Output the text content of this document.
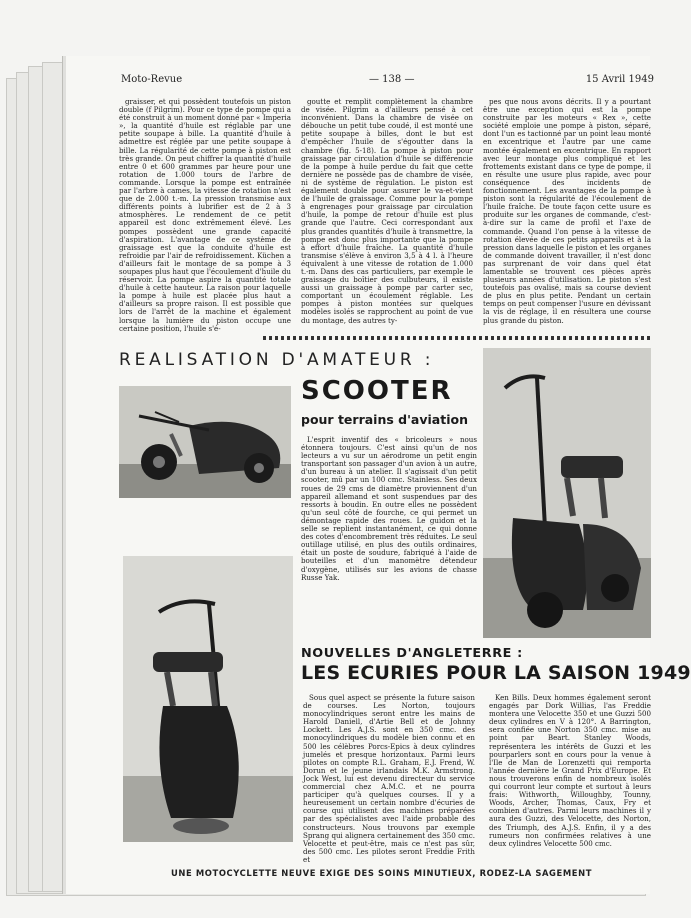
Moto-Revue	— 138 —	15 Avril 1949

graisser, et qui possèdent toutefois un piston double (f Pilgrim). Pour ce type de pompe qui a été construit à un moment donné par « Imperia », la quantité d'huile est réglable par une petite soupape à bille. La quantité d'huile à admettre est réglée par une petite soupape à bille. La régularité de cette pompe à piston est très grande. On peut chiffrer la quantité d'huile entre 0 et 600 grammes par heure pour une rotation de 1.000 tours de l'arbre de commande. Lorsque la pompe est entraînée par l'arbre à cames, la vitesse de rotation n'est que de 2.000 t.-m. La pression transmise aux différents points à lubrifier est de 2 à 3 atmosphères. Le rendement de ce petit appareil est donc extrêmement élevé. Les pompes possèdent une grande capacité d'aspiration. L'avantage de ce système de graissage est que la conduite d'huile est refroidie par l'air de refroidissement. Küchen a d'ailleurs fait le montage de sa pompe à 3 soupapes plus haut que l'écoulement d'huile du réservoir. La pompe aspire la quantité totale d'huile à cette hauteur. La raison pour laquelle la pompe à huile est placée plus haut a d'ailleurs sa propre raison. Il est possible que lors de l'arrêt de la machine et également lorsque la lumière du piston occupe une certaine position, l'huile s'é-

goutte et remplit complètement la chambre de visée. Pilgrim a d'ailleurs pensé à cet inconvénient. Dans la chambre de visée on débouche un petit tube coudé, il est monté une petite soupape à billes, dont le but est d'empêcher l'huile de s'égoutter dans la chambre (fig. 5-18). La pompe à piston pour graissage par circulation d'huile se différencie de la pompe à huile perdue du fait que cette dernière ne possède pas de chambre de visée, ni de système de régulation. Le piston est également double pour assurer le va-et-vient de l'huile de graissage. Comme pour la pompe à engrenages pour graissage par circulation d'huile, la pompe de retour d'huile est plus grande que l'autre. Ceci correspondant aux plus grandes quantités d'huile à transmettre, la pompe est donc plus importante que la pompe à effort d'huile fraîche. La quantité d'huile transmise s'élève à environ 3,5 à 4 l. à l'heure équivalent à une vitesse de rotation de 1.000 t.-m. Dans des cas particuliers, par exemple le graissage du boîtier des culbuteurs, il existe aussi un graissage à pompe par carter sec, comportant un écoulement réglable. Les pompes à piston montées sur quelques modèles isolés se rapprochent au point de vue du montage, des autres ty-

pes que nous avons décrits. Il y a pourtant être une exception qui est la pompe construite par les moteurs « Rex », cette société emploie une pompe à piston, séparé, dont l'un es tactionné par un point leau monté en excentrique et l'autre par une came montée également en excentrique. En rapport avec leur montage plus compliqué et les frottements existant dans ce type de pompe, il en résulte une usure plus rapide, avec pour conséquence des incidents de fonctionnement. Les avantages de la pompe à piston sont la régularité de l'écoulement de l'huile fraîche. De toute façon cette usure es produite sur les organes de commande, c'est-à-dire sur la came de profil et l'axe de commande. Quand l'on pense à la vitesse de rotation élevée de ces petits appareils et à la pression dans laquelle le piston et les organes de commande doivent travailler, il n'est donc pas surprenant de voir dans quel état lamentable se trouvent ces pièces après plusieurs années d'utilisation. Le piston s'est toutefois pas ovalisé, mais sa course devient de plus en plus petite. Pendant un certain temps on peut compenser l'usure en dévissant la vis de réglage, il en résultera une course plus grande du piston.

REALISATION D'AMATEUR :
SCOOTER
pour terrains d'aviation

L'esprit inventif des « bricoleurs » nous étonnera toujours. C'est ainsi qu'un de nos lecteurs a vu sur un aérodrome un petit engin transportant son passager d'un avion à un autre, d'un bureau à un atelier. Il s'agissait d'un petit scooter, mû par un 100 cmc. Stainless. Ses deux roues de 29 cms de diamètre proviennent d'un appareil allemand et sont suspendues par des ressorts à boudin. En outre elles ne possèdent qu'un seul côté de fourche, ce qui permet un démontage rapide des roues. Le guidon et la selle se replient instantanément, ce qui donne des cotes d'encombrement très réduites. Le seul outillage utilisé, en plus des outils ordinaires, était un poste de soudure, fabriqué à l'aide de bouteilles et d'un manomètre détendeur d'oxygène, utilisés sur les avions de chasse Russe Yak.

NOUVELLES D'ANGLETERRE :
LES ECURIES POUR LA SAISON 1949

Sous quel aspect se présente la future saison de courses. Les Norton, toujours monocylindriques seront entre les mains de Harold Daniell, d'Artie Bell et de Johnny Lockett. Les A.J.S. sont en 350 cmc. des monocylindriques du modèle bien connu et en 500 les célèbres Porcs-Epics à deux cylindres jumelés et presque horizontaux. Parmi leurs pilotes on compte R.L. Graham, E.J. Frend, W. Dorun et le jeune irlandais M.K. Armstrong. Jock West, lui est devenu directeur du service commercial chez A.M.C. et ne pourra participer qu'à quelques courses. Il y a heureusement un certain nombre d'écuries de course qui utilisent des machines préparées par des spécialistes avec l'aide probable des constructeurs. Nous trouvons par exemple Sprang qui alignera certainement des 350 cmc. Velocette et peut-être, mais ce n'est pas sûr, des 500 cmc. Les pilotes seront Freddie Frith et

Ken Bills. Deux hommes également seront engagés par Dork Willias, l'as Freddie montera une Velocette 350 et une Guzzi 500 deux cylindres en V à 120°. A Barrington, sera confiée une Norton 350 cmc. mise au point par Beart. Stanley Woods, représentera les intérêts de Guzzi et les pourparlers sont en cours pour la venue à l'Ile de Man de Lorenzetti qui remporta l'année dernière le Grand Prix d'Europe. Et nous trouverons enfin de nombreux isolés qui courront leur compte et surtout à leurs frais: Withworth, Willoughby, Tounny, Woods, Archer, Thomas, Caux, Fry et combien d'autres. Parmi leurs machines il y aura des Guzzi, des Velocette, des Norton, des Triumph, des A.J.S. Enfin, il y a des rumeurs non confirmées relatives à une deux cylindres Velocette 500 cmc.

UNE MOTOCYCLETTE NEUVE EXIGE DES SOINS MINUTIEUX, RODEZ-LA SAGEMENT
